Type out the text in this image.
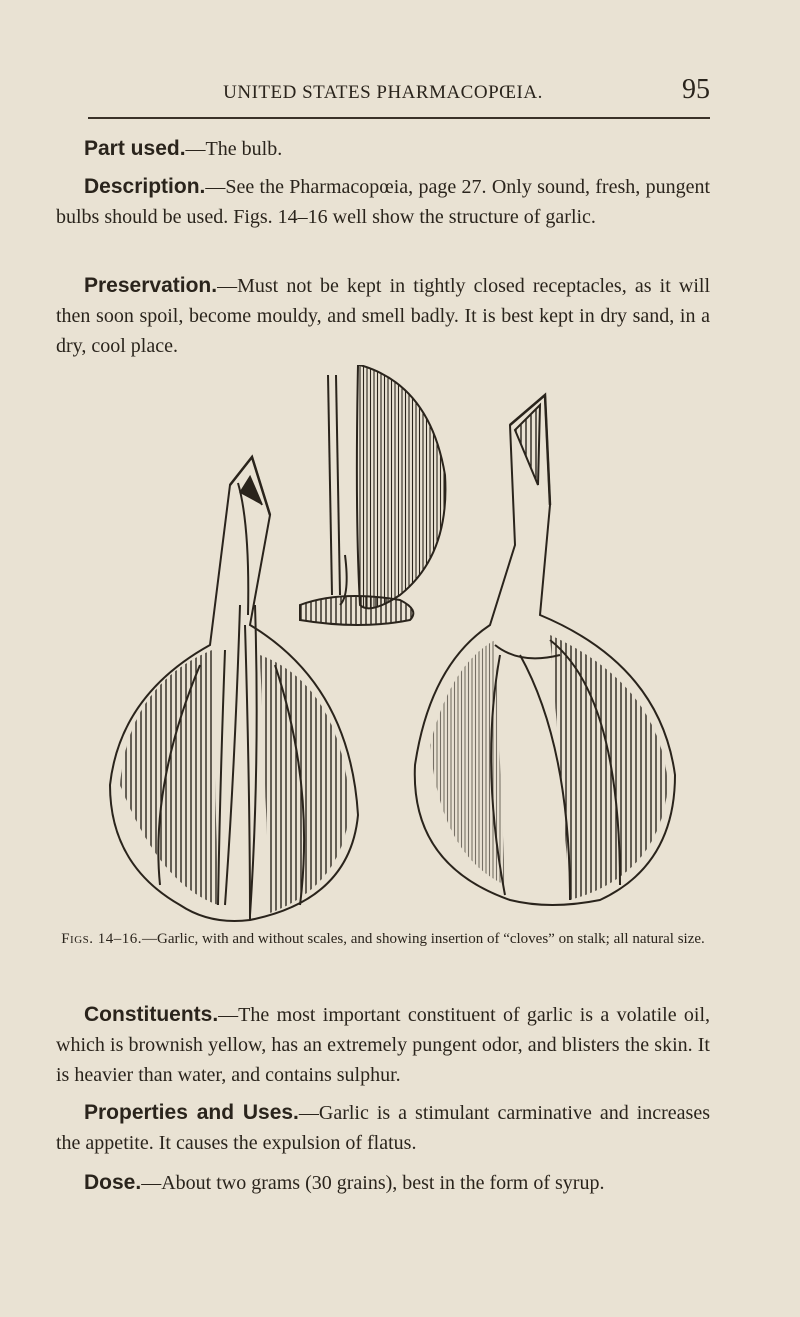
UNITED STATES PHARMACOPŒIA.	95

Part used.—The bulb.

Description.—See the Pharmacopœia, page 27. Only sound, fresh, pungent bulbs should be used. Figs. 14–16 well show the structure of garlic.

Preservation.—Must not be kept in tightly closed receptacles, as it will then soon spoil, become mouldy, and smell badly. It is best kept in dry sand, in a dry, cool place.

Figs. 14–16.—Garlic, with and without scales, and showing insertion of “cloves” on stalk; all natural size.

Constituents.—The most important constituent of garlic is a volatile oil, which is brownish yellow, has an extremely pungent odor, and blisters the skin. It is heavier than water, and contains sulphur.

Properties and Uses.—Garlic is a stimulant carminative and increases the appetite. It causes the expulsion of flatus.

Dose.—About two grams (30 grains), best in the form of syrup.
